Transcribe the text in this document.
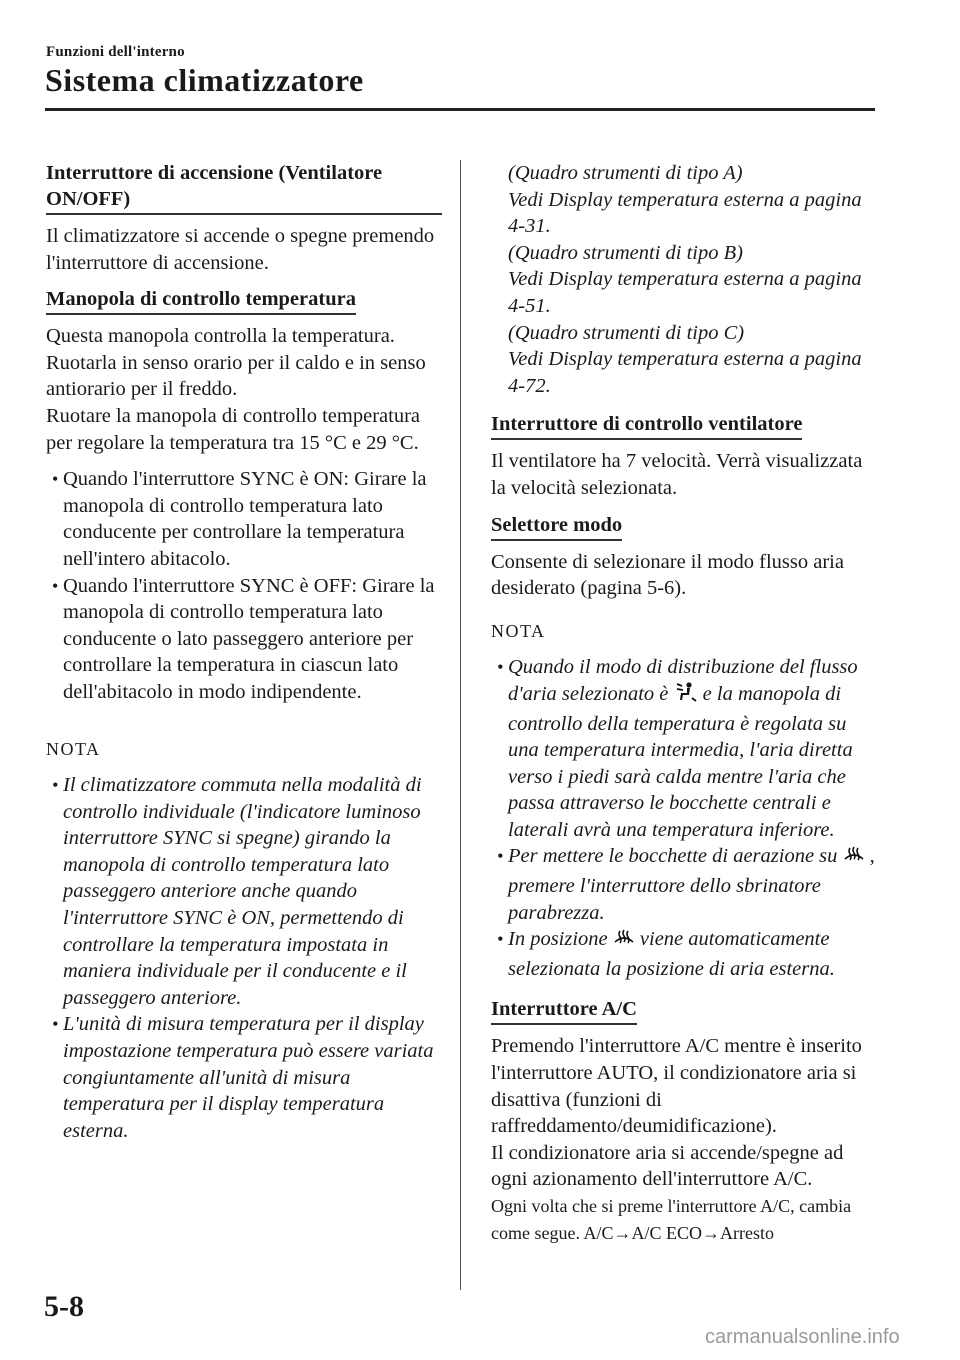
Funzioni dell'interno
Sistema climatizzatore
Interruttore di accensione (Ventilatore ON/OFF)

Il climatizzatore si accende o spegne premendo l'interruttore di accensione.

Manopola di controllo temperatura

Questa manopola controlla la temperatura. Ruotarla in senso orario per il caldo e in senso antiorario per il freddo.

Ruotare la manopola di controllo temperatura per regolare la temperatura tra 15 °C e 29 °C.

• Quando l'interruttore SYNC è ON: Girare la manopola di controllo temperatura lato conducente per controllare la temperatura nell'intero abitacolo.
• Quando l'interruttore SYNC è OFF: Girare la manopola di controllo temperatura lato conducente o lato passeggero anteriore per controllare la temperatura in ciascun lato dell'abitacolo in modo indipendente.

NOTA

• Il climatizzatore commuta nella modalità di controllo individuale (l'indicatore luminoso interruttore SYNC si spegne) girando la manopola di controllo temperatura lato passeggero anteriore anche quando l'interruttore SYNC è ON, permettendo di controllare la temperatura impostata in maniera individuale per il conducente e il passeggero anteriore.
• L'unità di misura temperatura per il display impostazione temperatura può essere variata congiuntamente all'unità di misura temperatura per il display temperatura esterna.

(Quadro strumenti di tipo A)

Vedi Display temperatura esterna a pagina 4-31.

(Quadro strumenti di tipo B)

Vedi Display temperatura esterna a pagina 4-51.

(Quadro strumenti di tipo C)

Vedi Display temperatura esterna a pagina 4-72.

Interruttore di controllo ventilatore

Il ventilatore ha 7 velocità. Verrà visualizzata la velocità selezionata.

Selettore modo

Consente di selezionare il modo flusso aria desiderato (pagina 5-6).

NOTA

• Quando il modo di distribuzione del flusso d'aria selezionato è e la manopola di controllo della temperatura è regolata su una temperatura intermedia, l'aria diretta verso i piedi sarà calda mentre l'aria che passa attraverso le bocchette centrali e laterali avrà una temperatura inferiore.
• Per mettere le bocchette di aerazione su , premere l'interruttore dello sbrinatore parabrezza.
• In posizione viene automaticamente selezionata la posizione di aria esterna.
Interruttore A/C

Premendo l'interruttore A/C mentre è inserito l'interruttore AUTO, il condizionatore aria si disattiva (funzioni di raffreddamento/deumidificazione).

Il condizionatore aria si accende/spegne ad ogni azionamento dell'interruttore A/C.

Ogni volta che si preme l'interruttore A/C, cambia come segue. A/C→A/C ECO→Arresto

5-8
carmanualsonline.info
